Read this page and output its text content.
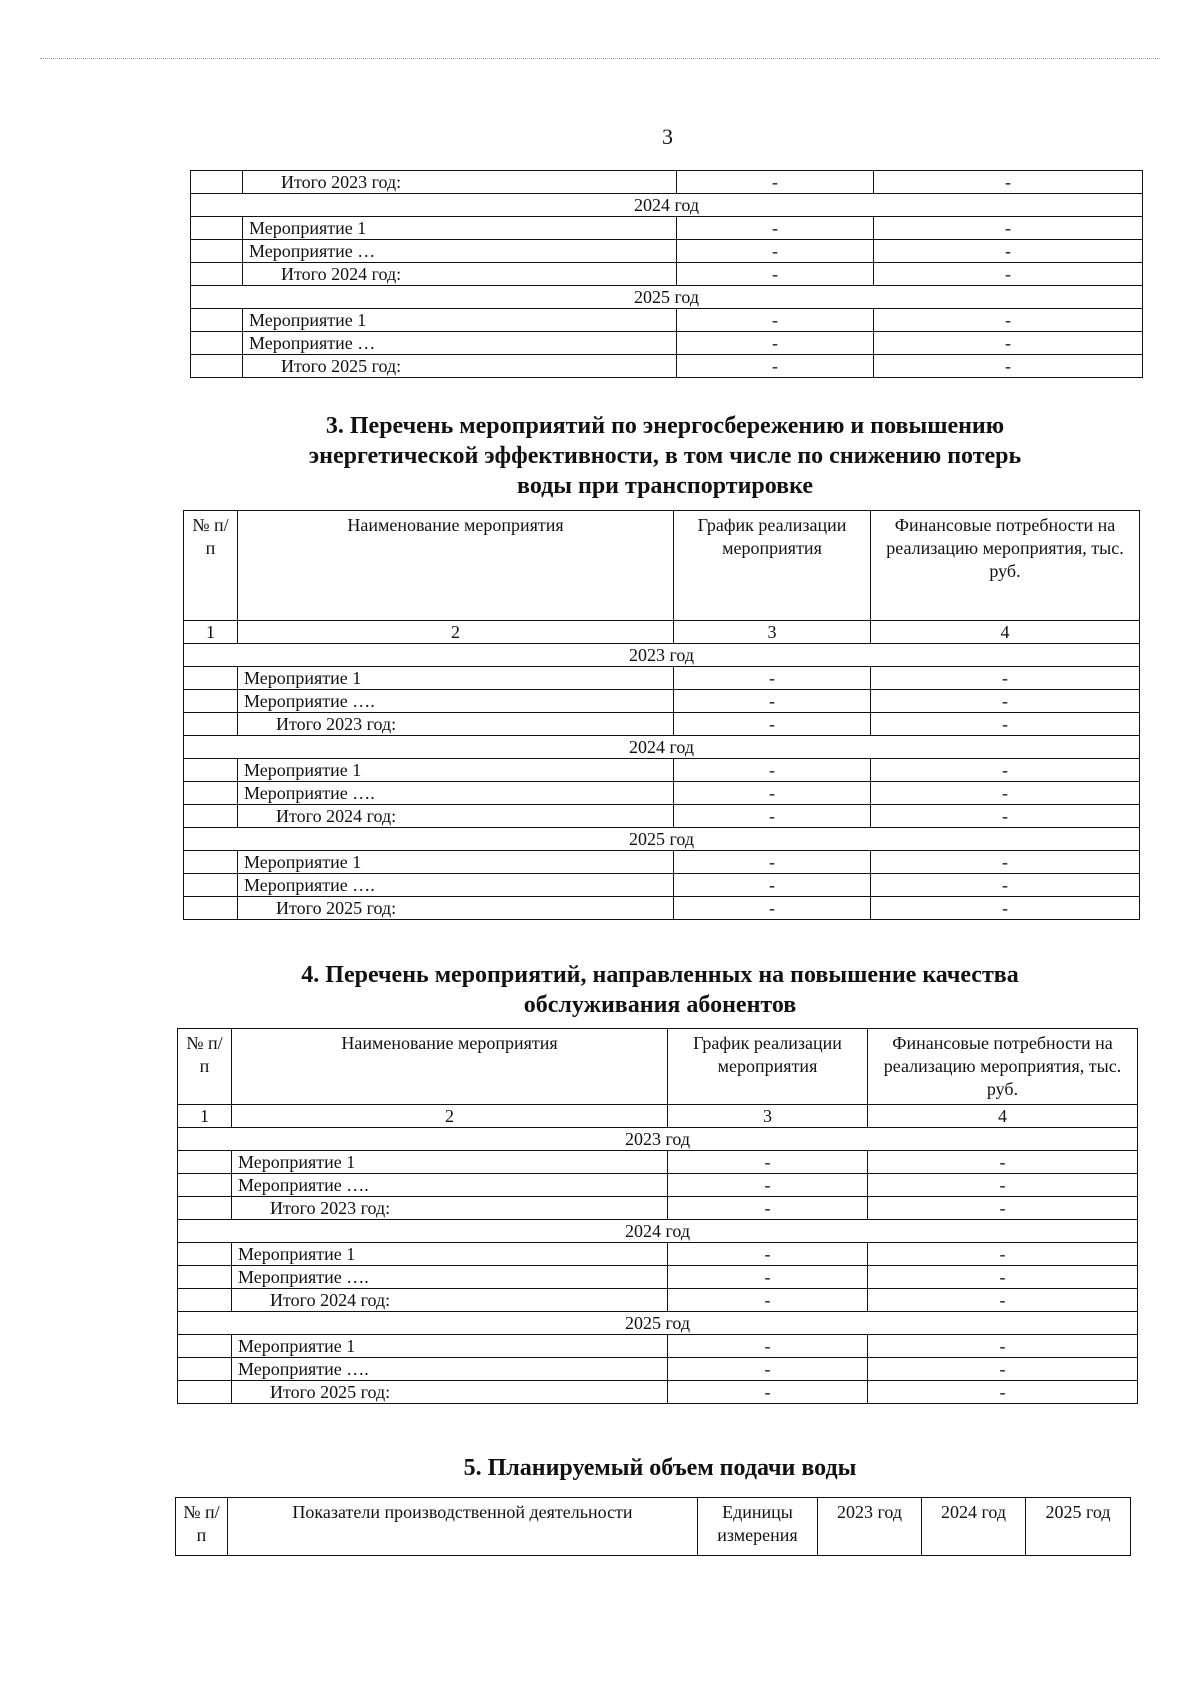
3
	Итого 2023 год:	-	-
2024 год			
	Мероприятие 1	-	-
	Мероприятие …	-	-
	Итого 2024 год:	-	-
2025 год			
	Мероприятие 1	-	-
	Мероприятие …	-	-
	Итого 2025 год:	-	-
3. Перечень мероприятий по энергосбережению и повышению
энергетической эффективности, в том числе по снижению потерь
воды при транспортировке
№ п/п	Наименование мероприятия	График реализации мероприятия	Финансовые потребности на реализацию мероприятия, тыс. руб.
1	2	3	4
2023 год			
	Мероприятие 1	-	-
	Мероприятие ….	-	-
	Итого 2023 год:	-	-
2024 год			
	Мероприятие 1	-	-
	Мероприятие ….	-	-
	Итого 2024 год:	-	-
2025 год			
	Мероприятие 1	-	-
	Мероприятие ….	-	-
	Итого 2025 год:	-	-
4. Перечень мероприятий, направленных на повышение качества
обслуживания абонентов
№ п/п	Наименование мероприятия	График реализации мероприятия	Финансовые потребности на реализацию мероприятия, тыс. руб.
1	2	3	4
2023 год			
	Мероприятие 1	-	-
	Мероприятие ….	-	-
	Итого 2023 год:	-	-
2024 год			
	Мероприятие 1	-	-
	Мероприятие ….	-	-
	Итого 2024 год:	-	-
2025 год			
	Мероприятие 1	-	-
	Мероприятие ….	-	-
	Итого 2025 год:	-	-
5. Планируемый объем подачи воды
№ п/п	Показатели производственной деятельности	Единицы измерения	2023 год	2024 год	2025 год
